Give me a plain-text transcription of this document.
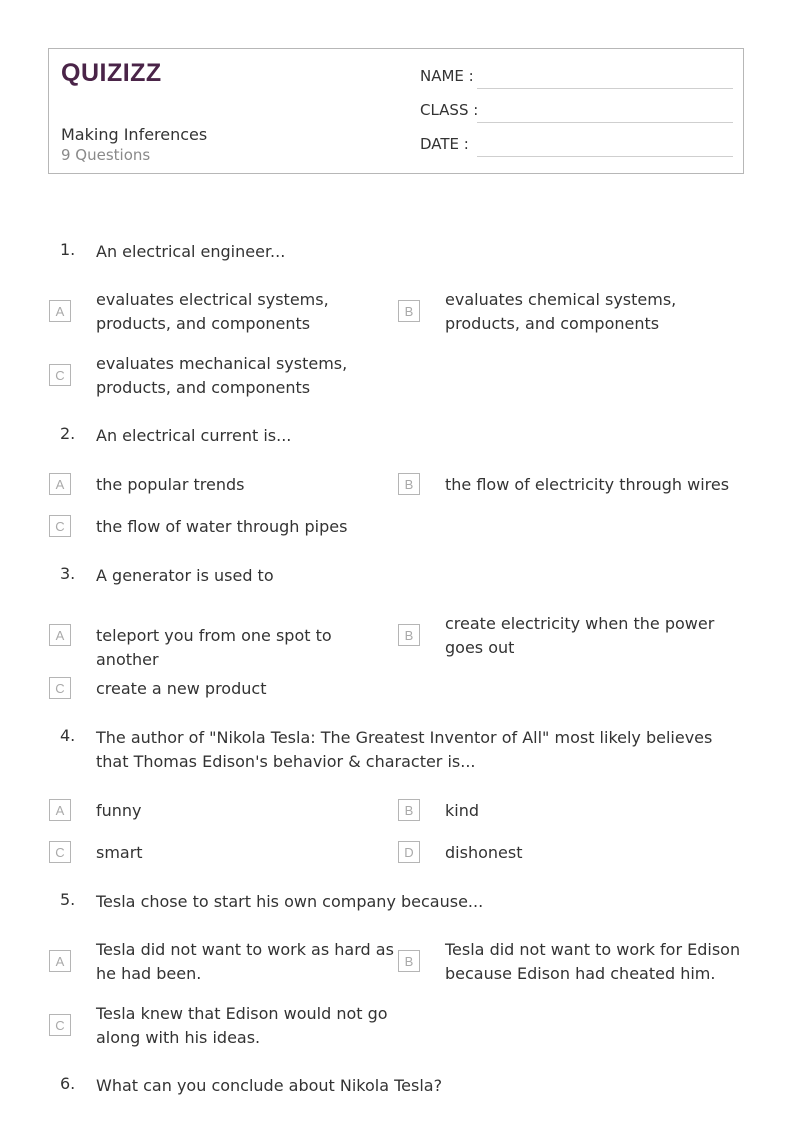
QUIZIZZ
Making Inferences
9 Questions
NAME :
CLASS :
DATE :
1. An electrical engineer...
A
evaluates electrical systems, products, and components
B
evaluates chemical systems, products, and components
C
evaluates mechanical systems, products, and components
2. An electrical current is...
A	the popular trends	B	the flow of electricity through wires
C	the flow of water through pipes
3. A generator is used to
A	teleport you from one spot to another
B
create electricity when the power goes out
C	create a new product
4. The author of "Nikola Tesla: The Greatest Inventor of All" most likely believes that Thomas Edison's behavior & character is...
A	funny	B	kind
C	smart	D	dishonest
5. Tesla chose to start his own company because...
A
Tesla did not want to work as hard as he had been.
B
Tesla did not want to work for Edison because Edison had cheated him.
C
Tesla knew that Edison would not go along with his ideas.
6. What can you conclude about Nikola Tesla?
